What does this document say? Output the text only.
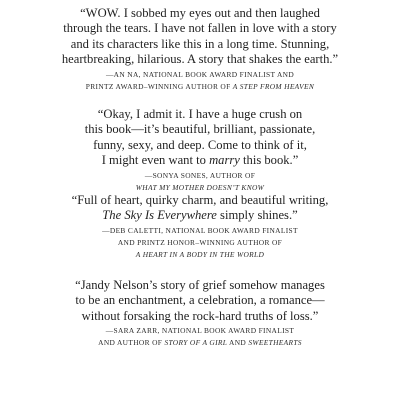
“WOW. I sobbed my eyes out and then laughed
through the tears. I have not fallen in love with a story
and its characters like this in a long time. Stunning,
heartbreaking, hilarious. A story that shakes the earth.”
—AN NA, NATIONAL BOOK AWARD FINALIST AND
PRINTZ AWARD–WINNING AUTHOR OF A STEP FROM HEAVEN
“Okay, I admit it. I have a huge crush on
this book—it’s beautiful, brilliant, passionate,
funny, sexy, and deep. Come to think of it,
I might even want to marry this book.”
—SONYA SONES, AUTHOR OF
WHAT MY MOTHER DOESN’T KNOW
“Full of heart, quirky charm, and beautiful writing,
The Sky Is Everywhere simply shines.”
—DEB CALETTI, NATIONAL BOOK AWARD FINALIST
AND PRINTZ HONOR–WINNING AUTHOR OF
A HEART IN A BODY IN THE WORLD
“Jandy Nelson’s story of grief somehow manages
to be an enchantment, a celebration, a romance—
without forsaking the rock-hard truths of loss.”
—SARA ZARR, NATIONAL BOOK AWARD FINALIST
AND AUTHOR OF STORY OF A GIRL AND SWEETHEARTS
